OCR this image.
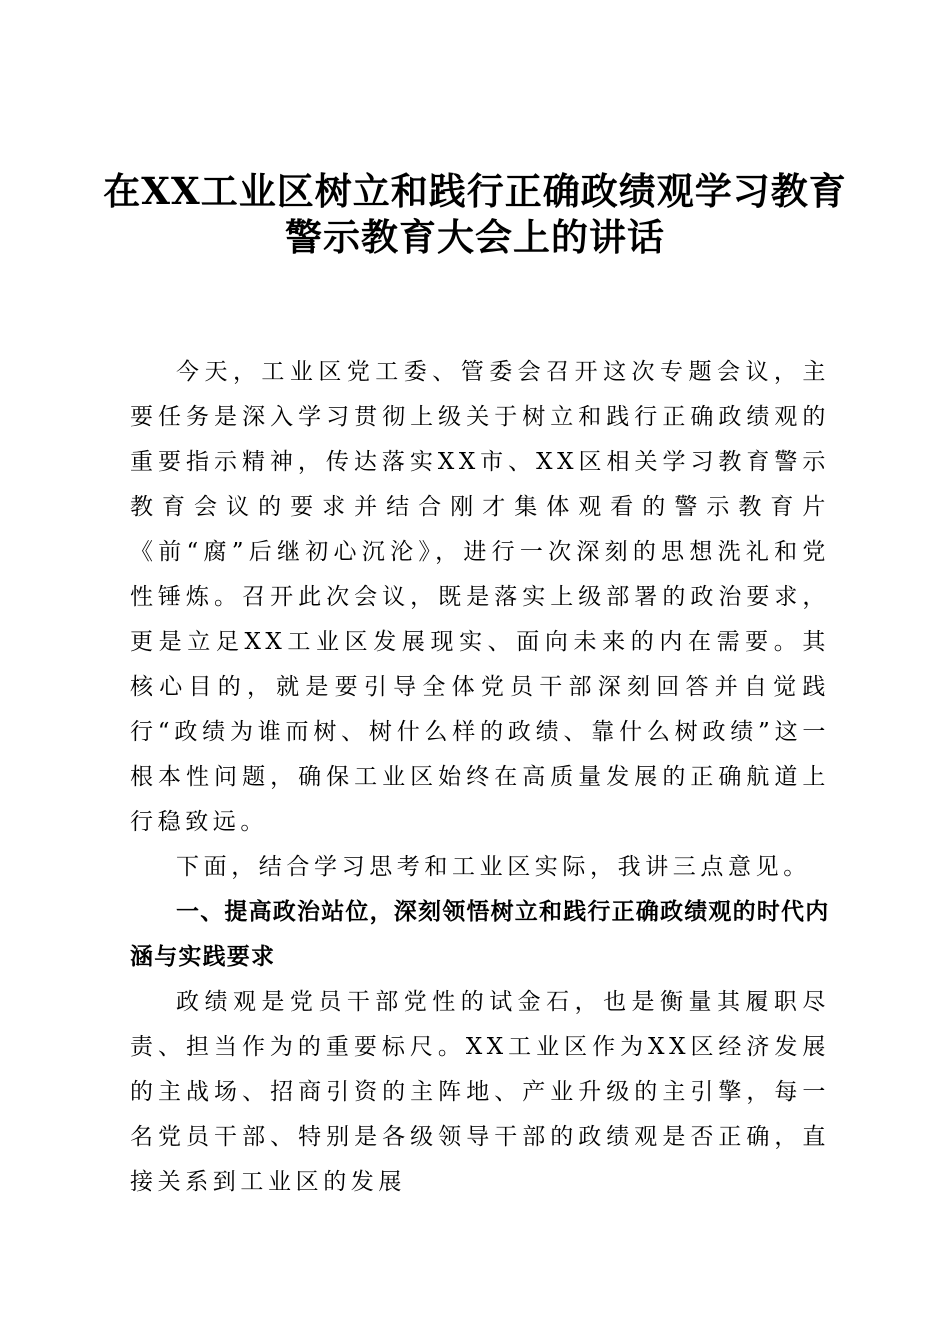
在XX工业区树立和践行正确政绩观学习教育
警示教育大会上的讲话

今天，工业区党工委、管委会召开这次专题会议，主要任务是深入学习贯彻上级关于树立和践行正确政绩观的重要指示精神，传达落实XX市、XX区相关学习教育警示教育会议的要求并结合刚才集体观看的警示教育片《前“腐”后继初心沉沦》，进行一次深刻的思想洗礼和党性锤炼。召开此次会议，既是落实上级部署的政治要求，更是立足XX工业区发展现实、面向未来的内在需要。其核心目的，就是要引导全体党员干部深刻回答并自觉践行“政绩为谁而树、树什么样的政绩、靠什么树政绩”这一根本性问题，确保工业区始终在高质量发展的正确航道上行稳致远。

下面，结合学习思考和工业区实际，我讲三点意见。

一、提高政治站位，深刻领悟树立和践行正确政绩观的时代内涵与实践要求

政绩观是党员干部党性的试金石，也是衡量其履职尽责、担当作为的重要标尺。XX工业区作为XX区经济发展的主战场、招商引资的主阵地、产业升级的主引擎，每一名党员干部、特别是各级领导干部的政绩观是否正确，直接关系到工业区的发展
